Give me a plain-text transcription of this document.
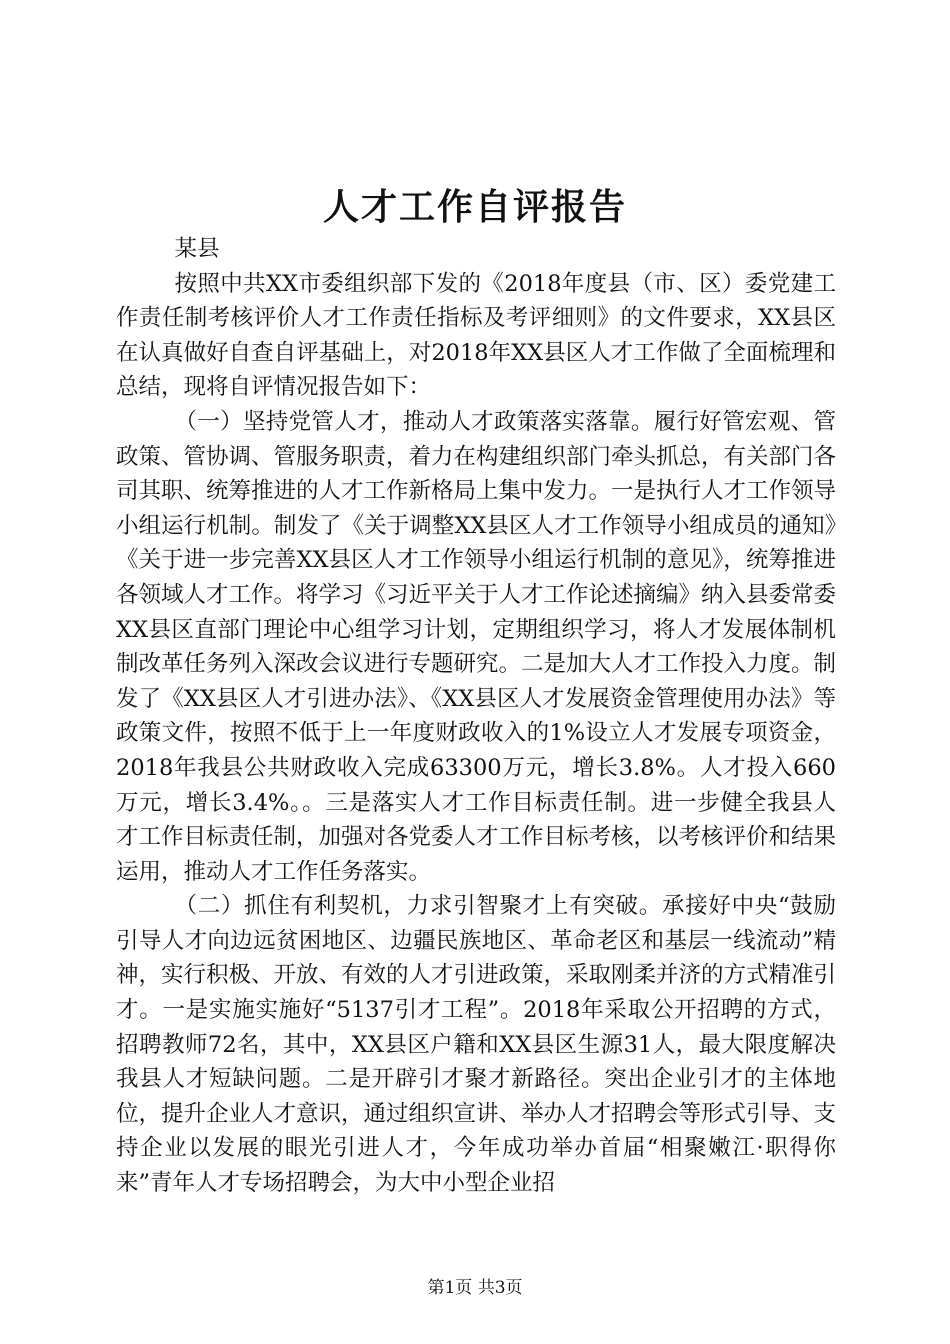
人才工作自评报告

某县

按照中共XX市委组织部下发的《2018年度县（市、区）委党建工作责任制考核评价人才工作责任指标及考评细则》的文件要求，XX县区在认真做好自查自评基础上，对2018年XX县区人才工作做了全面梳理和总结，现将自评情况报告如下：

（一）坚持党管人才，推动人才政策落实落靠。履行好管宏观、管政策、管协调、管服务职责，着力在构建组织部门牵头抓总，有关部门各司其职、统筹推进的人才工作新格局上集中发力。一是执行人才工作领导小组运行机制。制发了《关于调整XX县区人才工作领导小组成员的通知》《关于进一步完善XX县区人才工作领导小组运行机制的意见》，统筹推进各领域人才工作。将学习《习近平关于人才工作论述摘编》纳入县委常委XX县区直部门理论中心组学习计划，定期组织学习，将人才发展体制机制改革任务列入深改会议进行专题研究。二是加大人才工作投入力度。制发了《XX县区人才引进办法》、《XX县区人才发展资金管理使用办法》等政策文件，按照不低于上一年度财政收入的1%设立人才发展专项资金，2018年我县公共财政收入完成63300万元，增长3.8%。人才投入660万元，增长3.4%。。三是落实人才工作目标责任制。进一步健全我县人才工作目标责任制，加强对各党委人才工作目标考核，以考核评价和结果运用，推动人才工作任务落实。

（二）抓住有利契机，力求引智聚才上有突破。承接好中央“鼓励引导人才向边远贫困地区、边疆民族地区、革命老区和基层一线流动”精神，实行积极、开放、有效的人才引进政策，采取刚柔并济的方式精准引才。一是实施实施好“5137引才工程”。2018年采取公开招聘的方式，招聘教师72名，其中，XX县区户籍和XX县区生源31人，最大限度解决我县人才短缺问题。二是开辟引才聚才新路径。突出企业引才的主体地位，提升企业人才意识，通过组织宣讲、举办人才招聘会等形式引导、支持企业以发展的眼光引进人才，今年成功举办首届“相聚嫩江·职得你来”青年人才专场招聘会，为大中小型企业招

第1页 共3页
